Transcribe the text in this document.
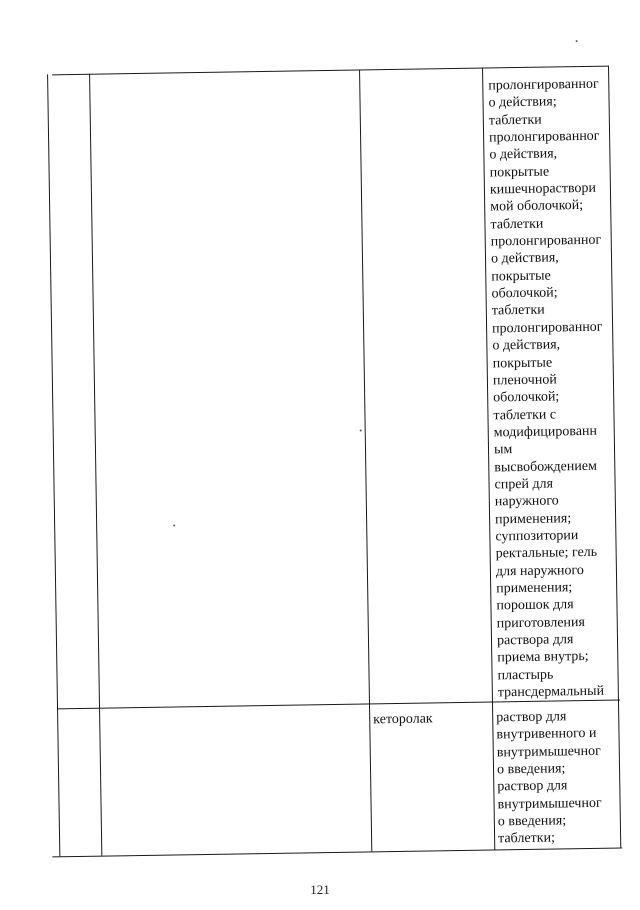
пролонгированног
о действия;
таблетки
пролонгированног
о действия,
покрытые
кишечнораствори
мой оболочкой;
таблетки
пролонгированног
о действия,
покрытые
оболочкой;
таблетки
пролонгированног
о действия,
покрытые
пленочной
оболочкой;
таблетки с
модифицированн
ым
высвобождением
спрей для
наружного
применения;
суппозитории
ректальные; гель
для наружного
применения;
порошок для
приготовления
раствора для
приема внутрь;
пластырь
трансдермальный
кеторолак	раствор для
внутривенного и
внутримышечног
о введения;
раствор для
внутримышечног
о введения;
таблетки;
121
